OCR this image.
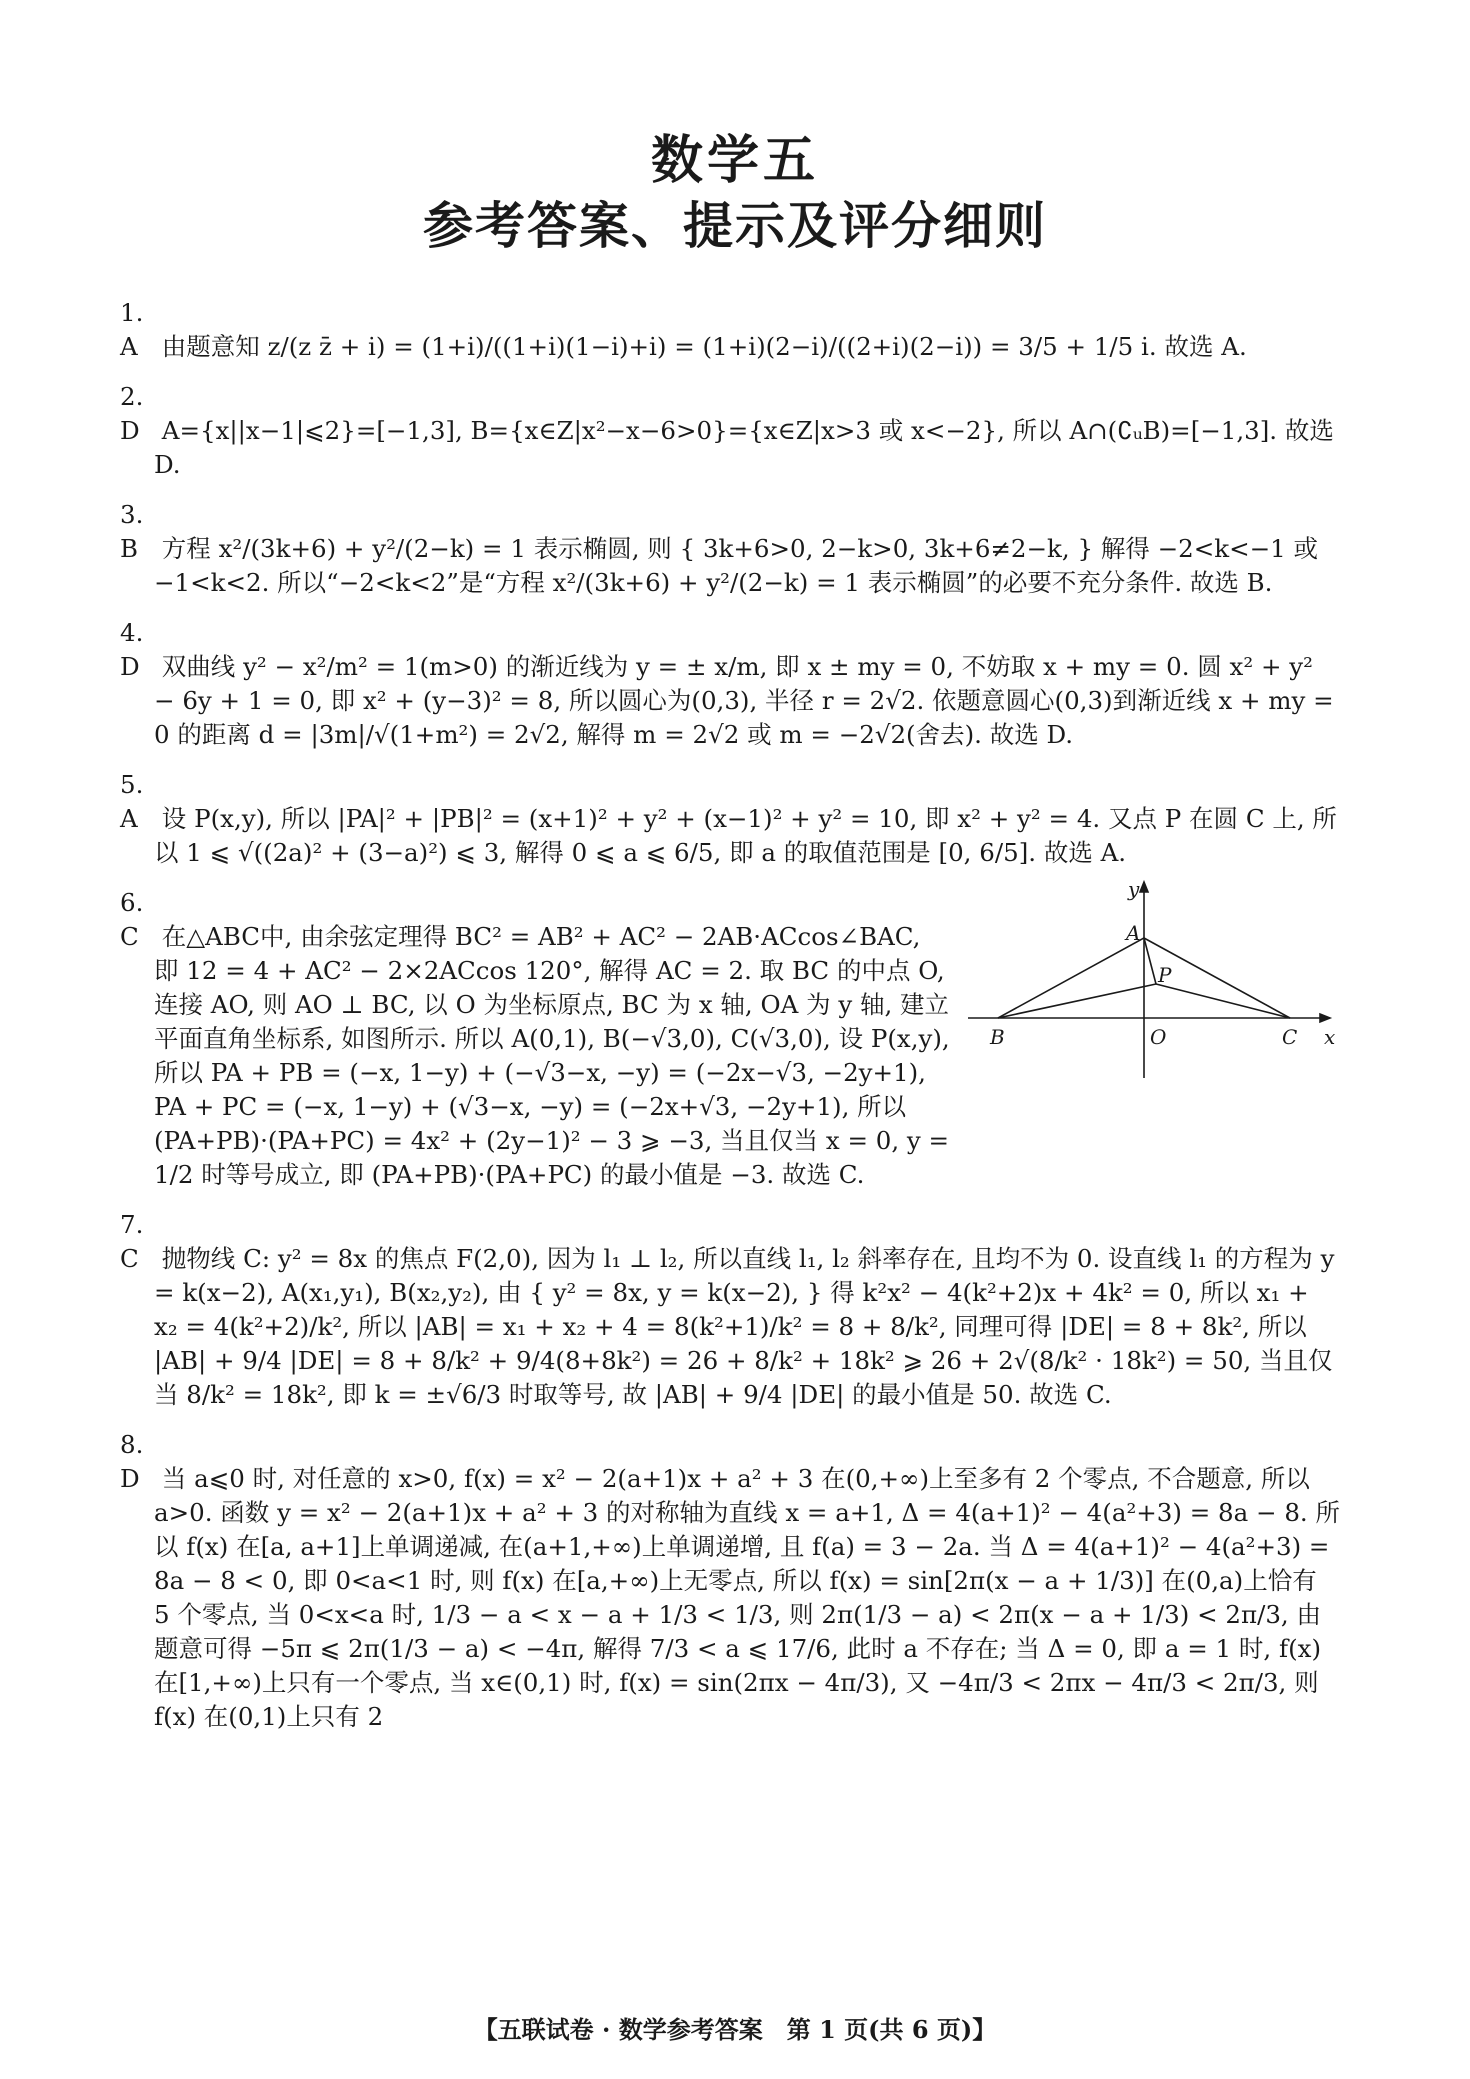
数学五
参考答案、提示及评分细则
1. A 由题意知 z/(z z̄ + i) = (1+i)/((1+i)(1−i)+i) = (1+i)(2−i)/((2+i)(2−i)) = 3/5 + 1/5 i. 故选 A.
2. D A={x||x−1|⩽2}=[−1,3], B={x∈Z|x²−x−6>0}={x∈Z|x>3 或 x<−2}, 所以 A∩(∁ᵤB)=[−1,3]. 故选 D.
3. B 方程 x²/(3k+6) + y²/(2−k) = 1 表示椭圆, 则 { 3k+6>0, 2−k>0, 3k+6≠2−k, } 解得 −2<k<−1 或 −1<k<2. 所以“−2<k<2”是“方程 x²/(3k+6) + y²/(2−k) = 1 表示椭圆”的必要不充分条件. 故选 B.
4. D 双曲线 y² − x²/m² = 1(m>0) 的渐近线为 y = ± x/m, 即 x ± my = 0, 不妨取 x + my = 0. 圆 x² + y² − 6y + 1 = 0, 即 x² + (y−3)² = 8, 所以圆心为(0,3), 半径 r = 2√2. 依题意圆心(0,3)到渐近线 x + my = 0 的距离 d = |3m|/√(1+m²) = 2√2, 解得 m = 2√2 或 m = −2√2(舍去). 故选 D.
5. A 设 P(x,y), 所以 |PA|² + |PB|² = (x+1)² + y² + (x−1)² + y² = 10, 即 x² + y² = 4. 又点 P 在圆 C 上, 所以 1 ⩽ √((2a)² + (3−a)²) ⩽ 3, 解得 0 ⩽ a ⩽ 6/5, 即 a 的取值范围是 [0, 6/5]. 故选 A.
6. C 在△ABC中, 由余弦定理得 BC² = AB² + AC² − 2AB·ACcos∠BAC, 即 12 = 4 + AC² − 2×2ACcos 120°, 解得 AC = 2. 取 BC 的中点 O, 连接 AO, 则 AO ⊥ BC, 以 O 为坐标原点, BC 为 x 轴, OA 为 y 轴, 建立平面直角坐标系, 如图所示. 所以 A(0,1), B(−√3,0), C(√3,0), 设 P(x,y), 所以 PA + PB = (−x, 1−y) + (−√3−x, −y) = (−2x−√3, −2y+1), PA + PC = (−x, 1−y) + (√3−x, −y) = (−2x+√3, −2y+1), 所以 (PA+PB)·(PA+PC) = 4x² + (2y−1)² − 3 ⩾ −3, 当且仅当 x = 0, y = 1/2 时等号成立, 即 (PA+PB)·(PA+PC) 的最小值是 −3. 故选 C.
7. C 抛物线 C: y² = 8x 的焦点 F(2,0), 因为 l₁ ⊥ l₂, 所以直线 l₁, l₂ 斜率存在, 且均不为 0. 设直线 l₁ 的方程为 y = k(x−2), A(x₁,y₁), B(x₂,y₂), 由 { y² = 8x, y = k(x−2), } 得 k²x² − 4(k²+2)x + 4k² = 0, 所以 x₁ + x₂ = 4(k²+2)/k², 所以 |AB| = x₁ + x₂ + 4 = 8(k²+1)/k² = 8 + 8/k², 同理可得 |DE| = 8 + 8k², 所以 |AB| + 9/4 |DE| = 8 + 8/k² + 9/4(8+8k²) = 26 + 8/k² + 18k² ⩾ 26 + 2√(8/k² · 18k²) = 50, 当且仅当 8/k² = 18k², 即 k = ±√6/3 时取等号, 故 |AB| + 9/4 |DE| 的最小值是 50. 故选 C.
8. D 当 a⩽0 时, 对任意的 x>0, f(x) = x² − 2(a+1)x + a² + 3 在(0,+∞)上至多有 2 个零点, 不合题意, 所以 a>0. 函数 y = x² − 2(a+1)x + a² + 3 的对称轴为直线 x = a+1, Δ = 4(a+1)² − 4(a²+3) = 8a − 8. 所以 f(x) 在[a, a+1]上单调递减, 在(a+1,+∞)上单调递增, 且 f(a) = 3 − 2a. 当 Δ = 4(a+1)² − 4(a²+3) = 8a − 8 < 0, 即 0<a<1 时, 则 f(x) 在[a,+∞)上无零点, 所以 f(x) = sin[2π(x − a + 1/3)] 在(0,a)上恰有 5 个零点, 当 0<x<a 时, 1/3 − a < x − a + 1/3 < 1/3, 则 2π(1/3 − a) < 2π(x − a + 1/3) < 2π/3, 由题意可得 −5π ⩽ 2π(1/3 − a) < −4π, 解得 7/3 < a ⩽ 17/6, 此时 a 不存在; 当 Δ = 0, 即 a = 1 时, f(x) 在[1,+∞)上只有一个零点, 当 x∈(0,1) 时, f(x) = sin(2πx − 4π/3), 又 −4π/3 < 2πx − 4π/3 < 2π/3, 则 f(x) 在(0,1)上只有 2
y
x
A
B	C
O
P
【五联试卷 · 数学参考答案　第 1 页(共 6 页)】
